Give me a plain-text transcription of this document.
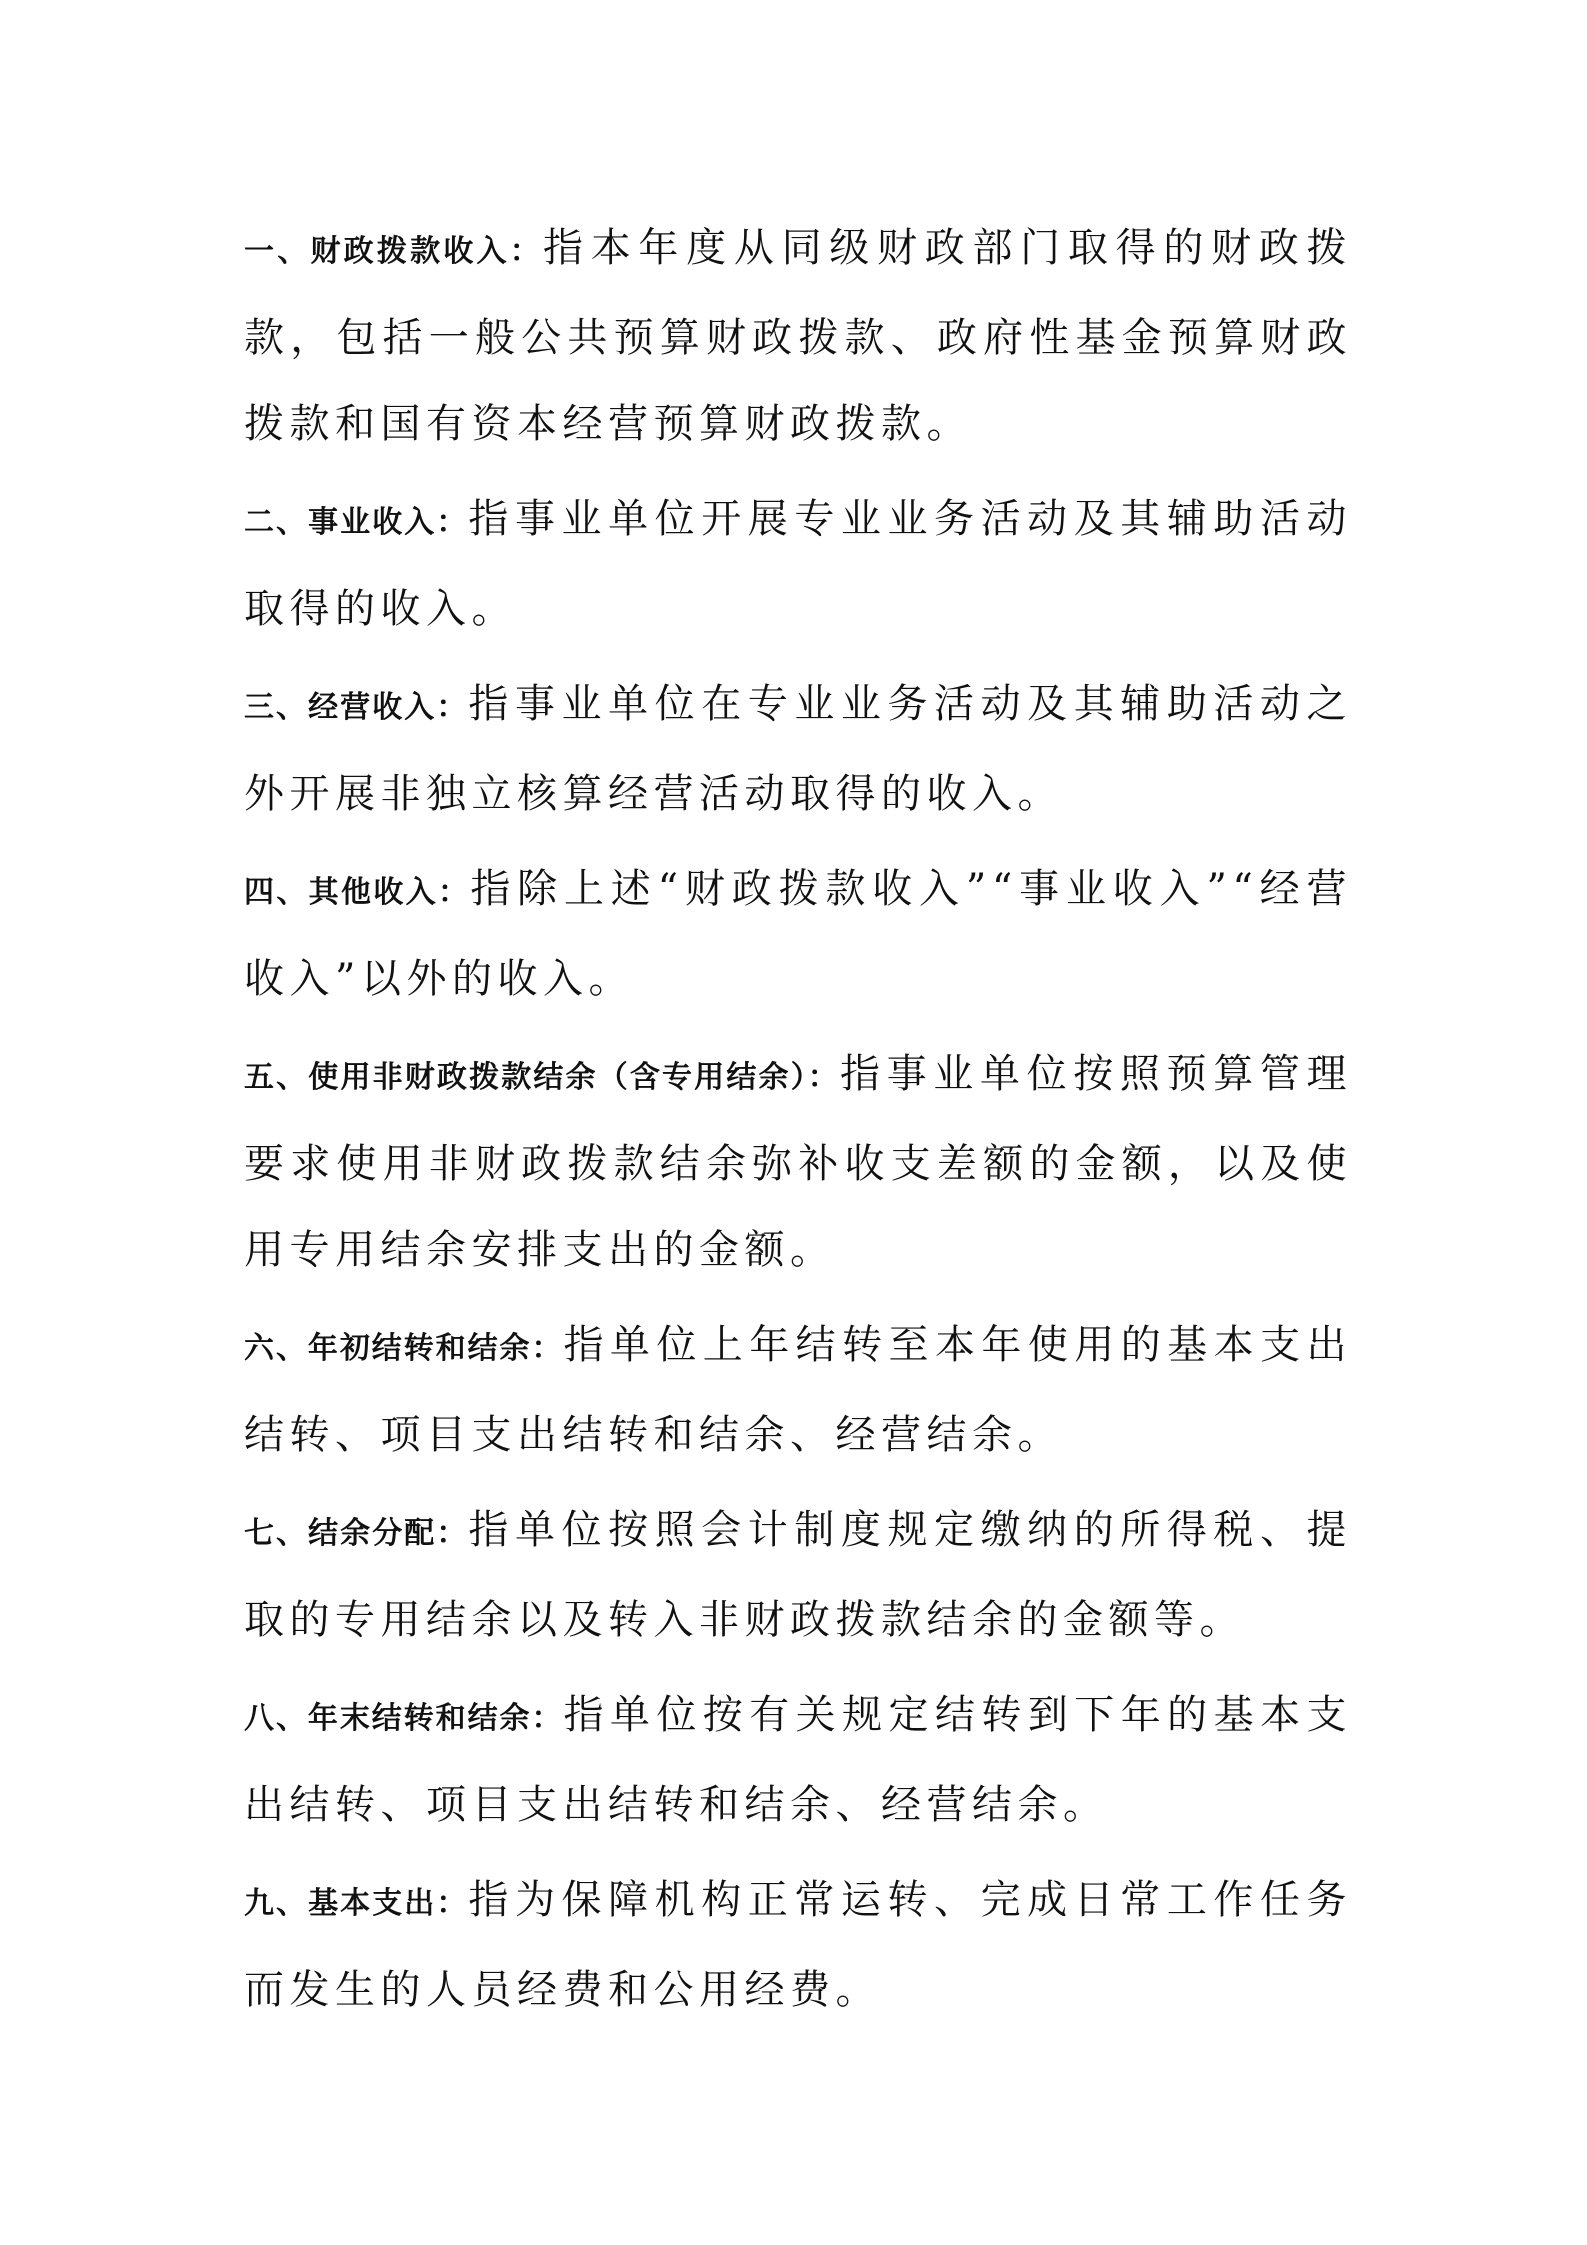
一、财政拨款收入：指本年度从同级财政部门取得的财政拨款，包括一般公共预算财政拨款、政府性基金预算财政拨款和国有资本经营预算财政拨款。

二、事业收入：指事业单位开展专业业务活动及其辅助活动取得的收入。

三、经营收入：指事业单位在专业业务活动及其辅助活动之外开展非独立核算经营活动取得的收入。

四、其他收入：指除上述“财政拨款收入”“事业收入”“经营收入”以外的收入。

五、使用非财政拨款结余（含专用结余）：指事业单位按照预算管理要求使用非财政拨款结余弥补收支差额的金额，以及使用专用结余安排支出的金额。

六、年初结转和结余：指单位上年结转至本年使用的基本支出结转、项目支出结转和结余、经营结余。

七、结余分配：指单位按照会计制度规定缴纳的所得税、提取的专用结余以及转入非财政拨款结余的金额等。

八、年末结转和结余：指单位按有关规定结转到下年的基本支出结转、项目支出结转和结余、经营结余。

九、基本支出：指为保障机构正常运转、完成日常工作任务而发生的人员经费和公用经费。
